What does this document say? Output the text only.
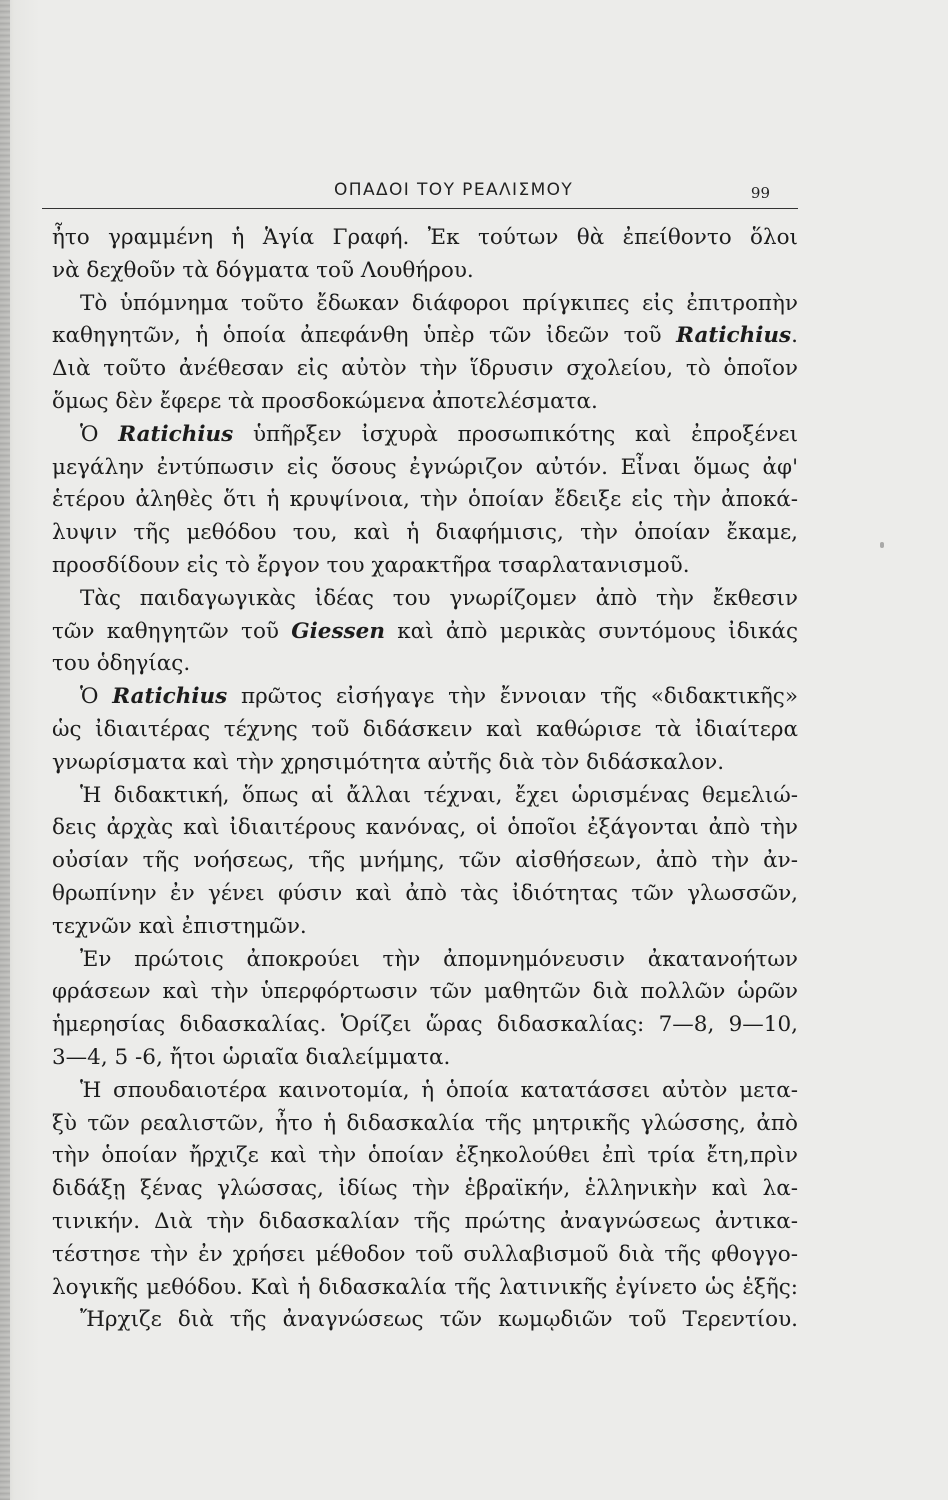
ΟΠΑΔΟΙ ΤΟΥ ΡΕΑΛΙΣΜΟΥ	99
ἦτο γραμμένη ἡ Ἁγία Γραφή. Ἐκ τούτων θὰ ἐπείθοντο ὅλοι
νὰ δεχθοῦν τὰ δόγματα τοῦ Λουθήρου.
Τὸ ὑπόμνημα τοῦτο ἔδωκαν διάφοροι πρίγκιπες εἰς ἐπιτροπὴν
καθηγητῶν, ἡ ὁποία ἀπεφάνθη ὑπὲρ τῶν ἰδεῶν τοῦ Ratichius.
Διὰ τοῦτο ἀνέθεσαν εἰς αὐτὸν τὴν ἵδρυσιν σχολείου, τὸ ὁποῖον
ὅμως δὲν ἔφερε τὰ προσδοκώμενα ἀποτελέσματα.
Ὁ Ratichius ὑπῆρξεν ἰσχυρὰ προσωπικότης καὶ ἐπροξένει
μεγάλην ἐντύπωσιν εἰς ὅσους ἐγνώριζον αὐτόν. Εἶναι ὅμως ἀφ'
ἑτέρου ἀληθὲς ὅτι ἡ κρυψίνοια, τὴν ὁποίαν ἔδειξε εἰς τὴν ἀποκά-
λυψιν τῆς μεθόδου του, καὶ ἡ διαφήμισις, τὴν ὁποίαν ἔκαμε,
προσδίδουν εἰς τὸ ἔργον του χαρακτῆρα τσαρλατανισμοῦ.
Τὰς παιδαγωγικὰς ἰδέας του γνωρίζομεν ἀπὸ τὴν ἔκθεσιν
τῶν καθηγητῶν τοῦ Giessen καὶ ἀπὸ μερικὰς συντόμους ἰδικάς
του ὁδηγίας.
Ὁ Ratichius πρῶτος εἰσήγαγε τὴν ἔννοιαν τῆς «διδακτικῆς»
ὡς ἰδιαιτέρας τέχνης τοῦ διδάσκειν καὶ καθώρισε τὰ ἰδιαίτερα
γνωρίσματα καὶ τὴν χρησιμότητα αὐτῆς διὰ τὸν διδάσκαλον.
Ἡ διδακτική, ὅπως αἱ ἄλλαι τέχναι, ἔχει ὡρισμένας θεμελιώ-
δεις ἀρχὰς καὶ ἰδιαιτέρους κανόνας, οἱ ὁποῖοι ἐξάγονται ἀπὸ τὴν
οὐσίαν τῆς νοήσεως, τῆς μνήμης, τῶν αἰσθήσεων, ἀπὸ τὴν ἀν-
θρωπίνην ἐν γένει φύσιν καὶ ἀπὸ τὰς ἰδιότητας τῶν γλωσσῶν,
τεχνῶν καὶ ἐπιστημῶν.
Ἐν πρώτοις ἀποκρούει τὴν ἀπομνημόνευσιν ἀκατανοήτων
φράσεων καὶ τὴν ὑπερφόρτωσιν τῶν μαθητῶν διὰ πολλῶν ὡρῶν
ἡμερησίας διδασκαλίας. Ὁρίζει ὥρας διδασκαλίας: 7—8, 9—10,
3—4, 5 -6, ἤτοι ὡριαῖα διαλείμματα.
Ἡ σπουδαιοτέρα καινοτομία, ἡ ὁποία κατατάσσει αὐτὸν μετα-
ξὺ τῶν ρεαλιστῶν, ἦτο ἡ διδασκαλία τῆς μητρικῆς γλώσσης, ἀπὸ
τὴν ὁποίαν ἤρχιζε καὶ τὴν ὁποίαν ἐξηκολούθει ἐπὶ τρία ἔτη,πρὶν
διδάξῃ ξένας γλώσσας, ἰδίως τὴν ἑβραϊκήν, ἑλληνικὴν καὶ λα-
τινικήν. Διὰ τὴν διδασκαλίαν τῆς πρώτης ἀναγνώσεως ἀντικα-
τέστησε τὴν ἐν χρήσει μέθοδον τοῦ συλλαβισμοῦ διὰ τῆς φθογγο-
λογικῆς μεθόδου. Καὶ ἡ διδασκαλία τῆς λατινικῆς ἐγίνετο ὡς ἑξῆς:
Ἤρχιζε διὰ τῆς ἀναγνώσεως τῶν κωμῳδιῶν τοῦ Τερεντίου.
